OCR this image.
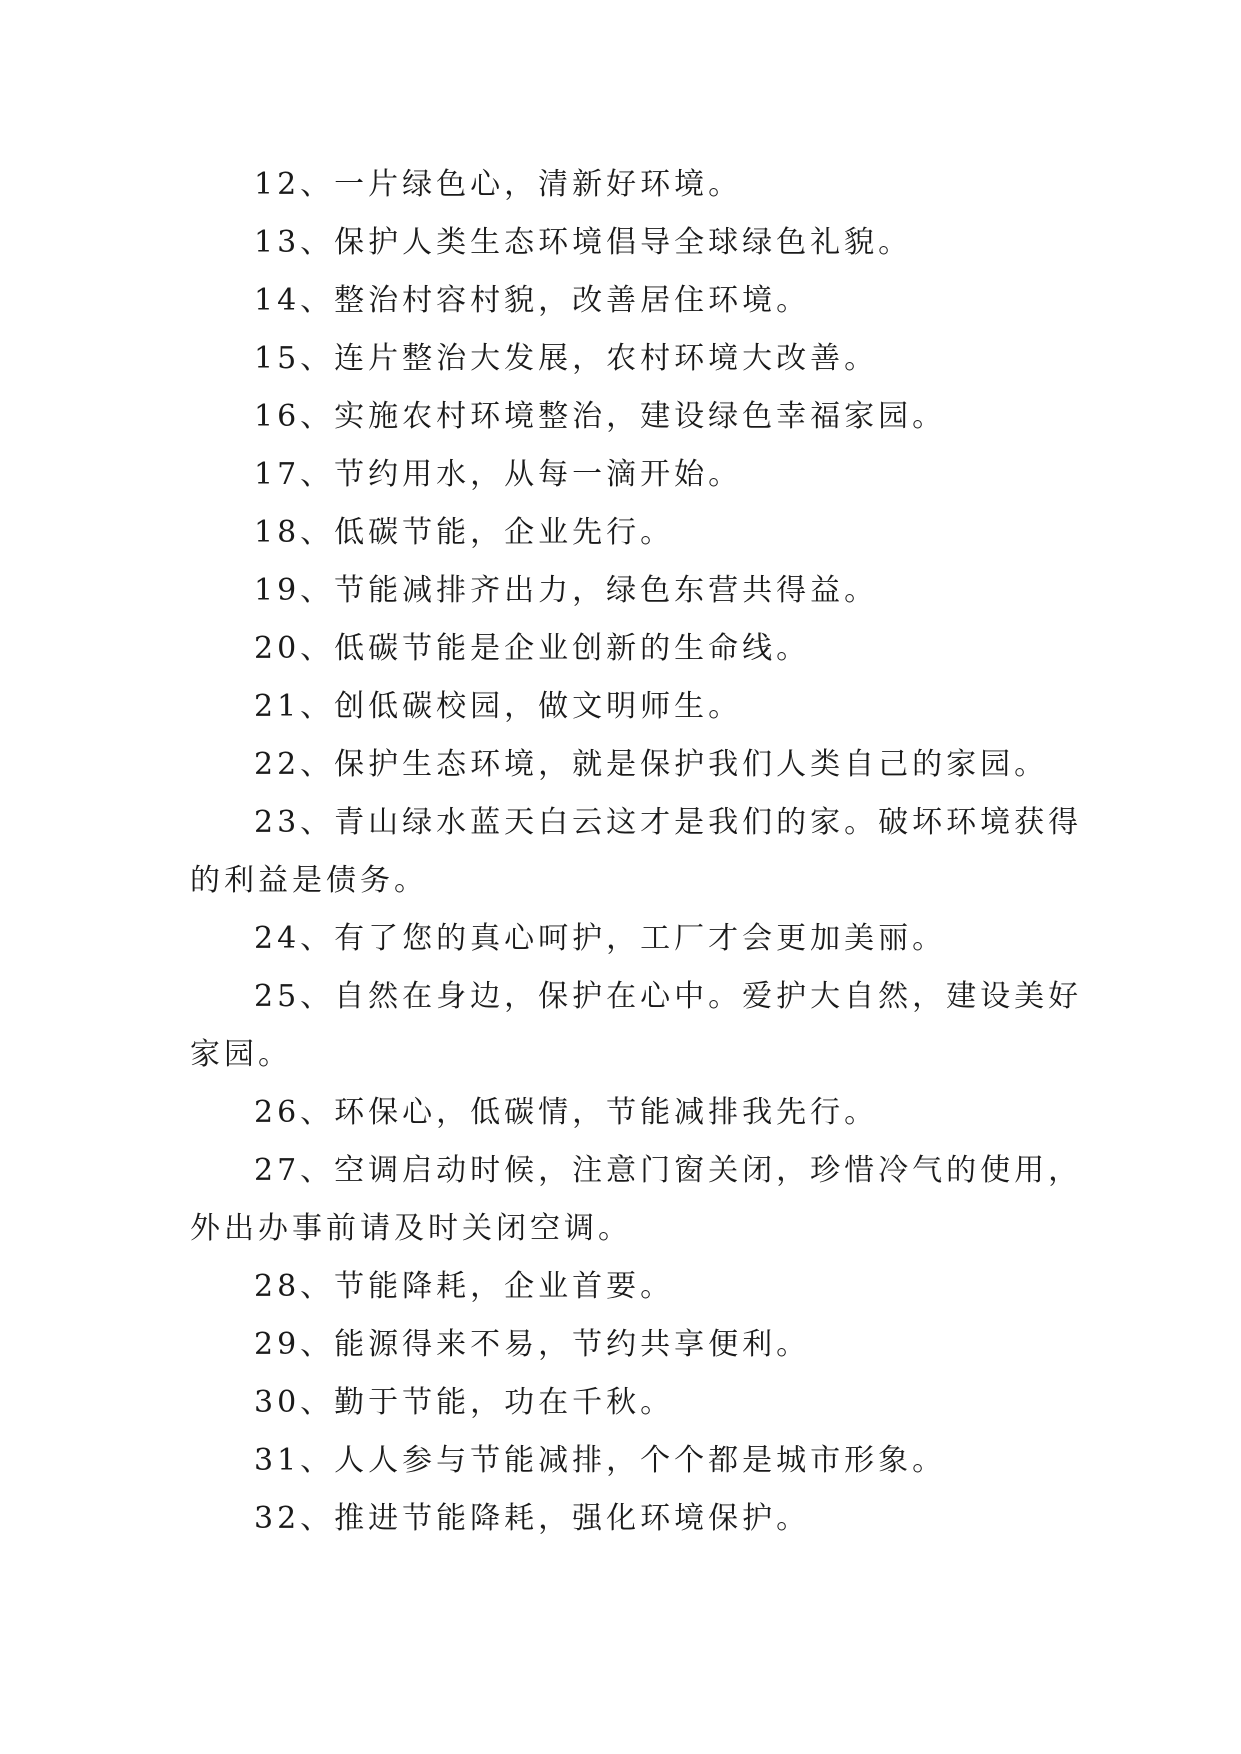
12、一片绿色心，清新好环境。

13、保护人类生态环境倡导全球绿色礼貌。

14、整治村容村貌，改善居住环境。

15、连片整治大发展，农村环境大改善。

16、实施农村环境整治，建设绿色幸福家园。

17、节约用水，从每一滴开始。

18、低碳节能，企业先行。

19、节能减排齐出力，绿色东营共得益。

20、低碳节能是企业创新的生命线。

21、创低碳校园，做文明师生。

22、保护生态环境，就是保护我们人类自己的家园。

23、青山绿水蓝天白云这才是我们的家。破坏环境获得的利益是债务。

24、有了您的真心呵护，工厂才会更加美丽。

25、自然在身边，保护在心中。爱护大自然，建设美好家园。

26、环保心，低碳情，节能减排我先行。

27、空调启动时候，注意门窗关闭，珍惜冷气的使用，外出办事前请及时关闭空调。

28、节能降耗，企业首要。

29、能源得来不易，节约共享便利。

30、勤于节能，功在千秋。

31、人人参与节能减排，个个都是城市形象。

32、推进节能降耗，强化环境保护。
